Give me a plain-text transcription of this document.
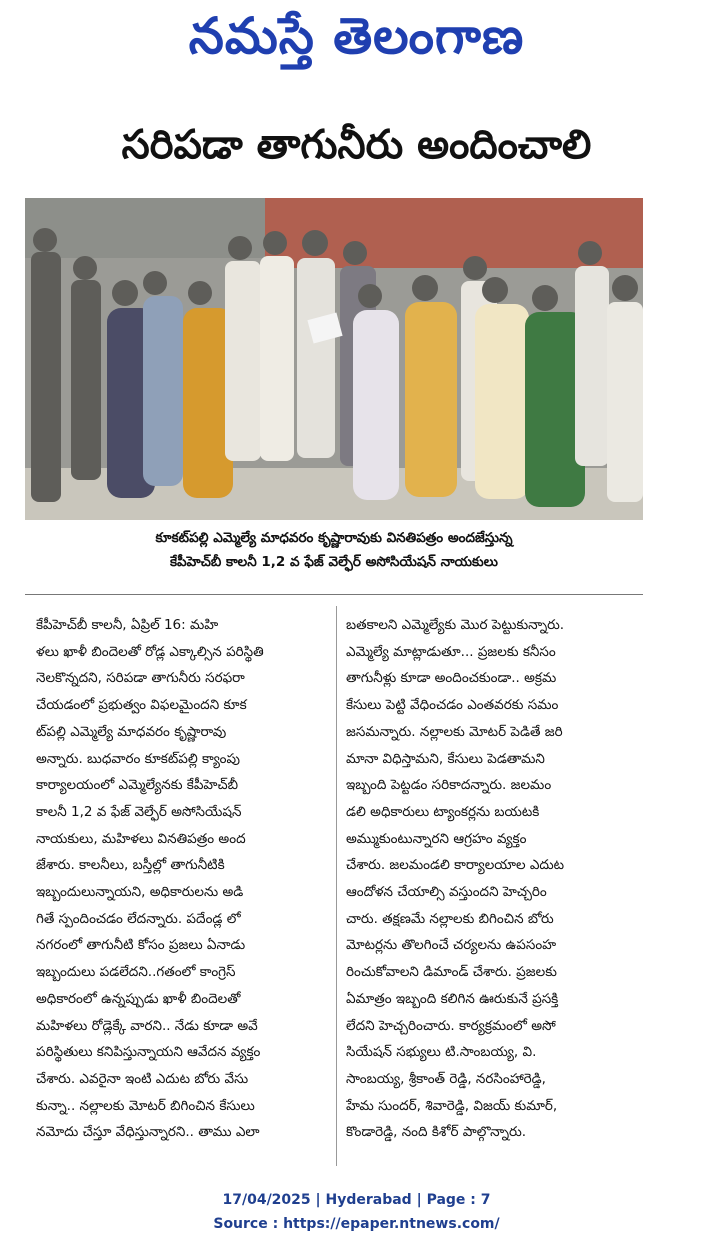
నమస్తే తెలంగాణ
సరిపడా తాగునీరు అందించాలి
కూకట్‌పల్లి ఎమ్మెల్యే మాధవరం కృష్ణారావుకు వినతిపత్రం అందజేస్తున్న
కేపీహెచ్‌బీ కాలనీ 1,2 వ ఫేజ్ వెల్ఫేర్ అసోసియేషన్ నాయకులు
కేపీహెచ్‌బీ కాలనీ, ఏప్రిల్ 16: మహి
ళలు ఖాళీ బిందెలతో రోడ్ల ఎక్కాల్సిన పరిస్థితి
నెలకొన్నదని, సరిపడా తాగునీరు సరఫరా
చేయడంలో ప్రభుత్వం విఫలమైందని కూక
ట్‌పల్లి ఎమ్మెల్యే మాధవరం కృష్ణారావు
అన్నారు. బుధవారం కూకట్‌పల్లి క్యాంపు
కార్యాలయంలో ఎమ్మెల్యేనకు కేపీహెచ్‌బీ
కాలనీ 1,2 వ ఫేజ్ వెల్ఫేర్ అసోసియేషన్
నాయకులు, మహిళలు వినతిపత్రం అంద
జేశారు. కాలనీలు, బస్తీల్లో తాగునీటికి
ఇబ్బందులున్నాయని, అధికారులను అడి
గితే స్పందించడం లేదన్నారు. పదేండ్ల లో
నగరంలో తాగునీటి కోసం ప్రజలు ఏనాడు
ఇబ్బందులు పడలేదని..గతంలో కాంగ్రెస్
అధికారంలో ఉన్నప్పుడు ఖాళీ బిందెలతో
మహిళలు రోడ్లెక్కే వారని.. నేడు కూడా అవే
పరిస్థితులు కనిపిస్తున్నాయని ఆవేదన వ్యక్తం
చేశారు. ఎవరైనా ఇంటి ఎదుట బోరు వేసు
కున్నా.. నల్లాలకు మోటర్ బిగించిన కేసులు
నమోదు చేస్తూ వేధిస్తున్నారని.. తాము ఎలా
బతకాలని ఎమ్మెల్యేకు మొర పెట్టుకున్నారు.
ఎమ్మెల్యే మాట్లాడుతూ... ప్రజలకు కనీసం
తాగునీళ్లు కూడా అందించకుండా.. అక్రమ
కేసులు పెట్టి వేధించడం ఎంతవరకు సమం
జసమన్నారు. నల్లాలకు మోటర్ పెడితే జరి
మానా విధిస్తామని, కేసులు పెడతామని
ఇబ్బంది పెట్టడం సరికాదన్నారు. జలమం
డలి అధికారులు ట్యాంకర్లను బయటకి
అమ్ముకుంటున్నారని ఆగ్రహం వ్యక్తం
చేశారు. జలమండలి కార్యాలయాల ఎదుట
ఆందోళన చేయాల్సి వస్తుందని హెచ్చరిం
చారు. తక్షణమే నల్లాలకు బిగించిన బోరు
మోటర్లను తొలగించే చర్యలను ఉపసంహ
రించుకోవాలని డిమాండ్ చేశారు. ప్రజలకు
ఏమాత్రం ఇబ్బంది కలిగిన ఊరుకునే ప్రసక్తి
లేదని హెచ్చరించారు. కార్యక్రమంలో అసో
సియేషన్ సభ్యులు టి.సాంబయ్య, వి.
సాంబయ్య, శ్రీకాంత్ రెడ్డి, నరసింహారెడ్డి,
హేమ సుందర్, శివారెడ్డి, విజయ్ కుమార్,
కొండారెడ్డి, నంది కిశోర్ పాల్గొన్నారు.
17/04/2025 | Hyderabad | Page : 7
Source : https://epaper.ntnews.com/
